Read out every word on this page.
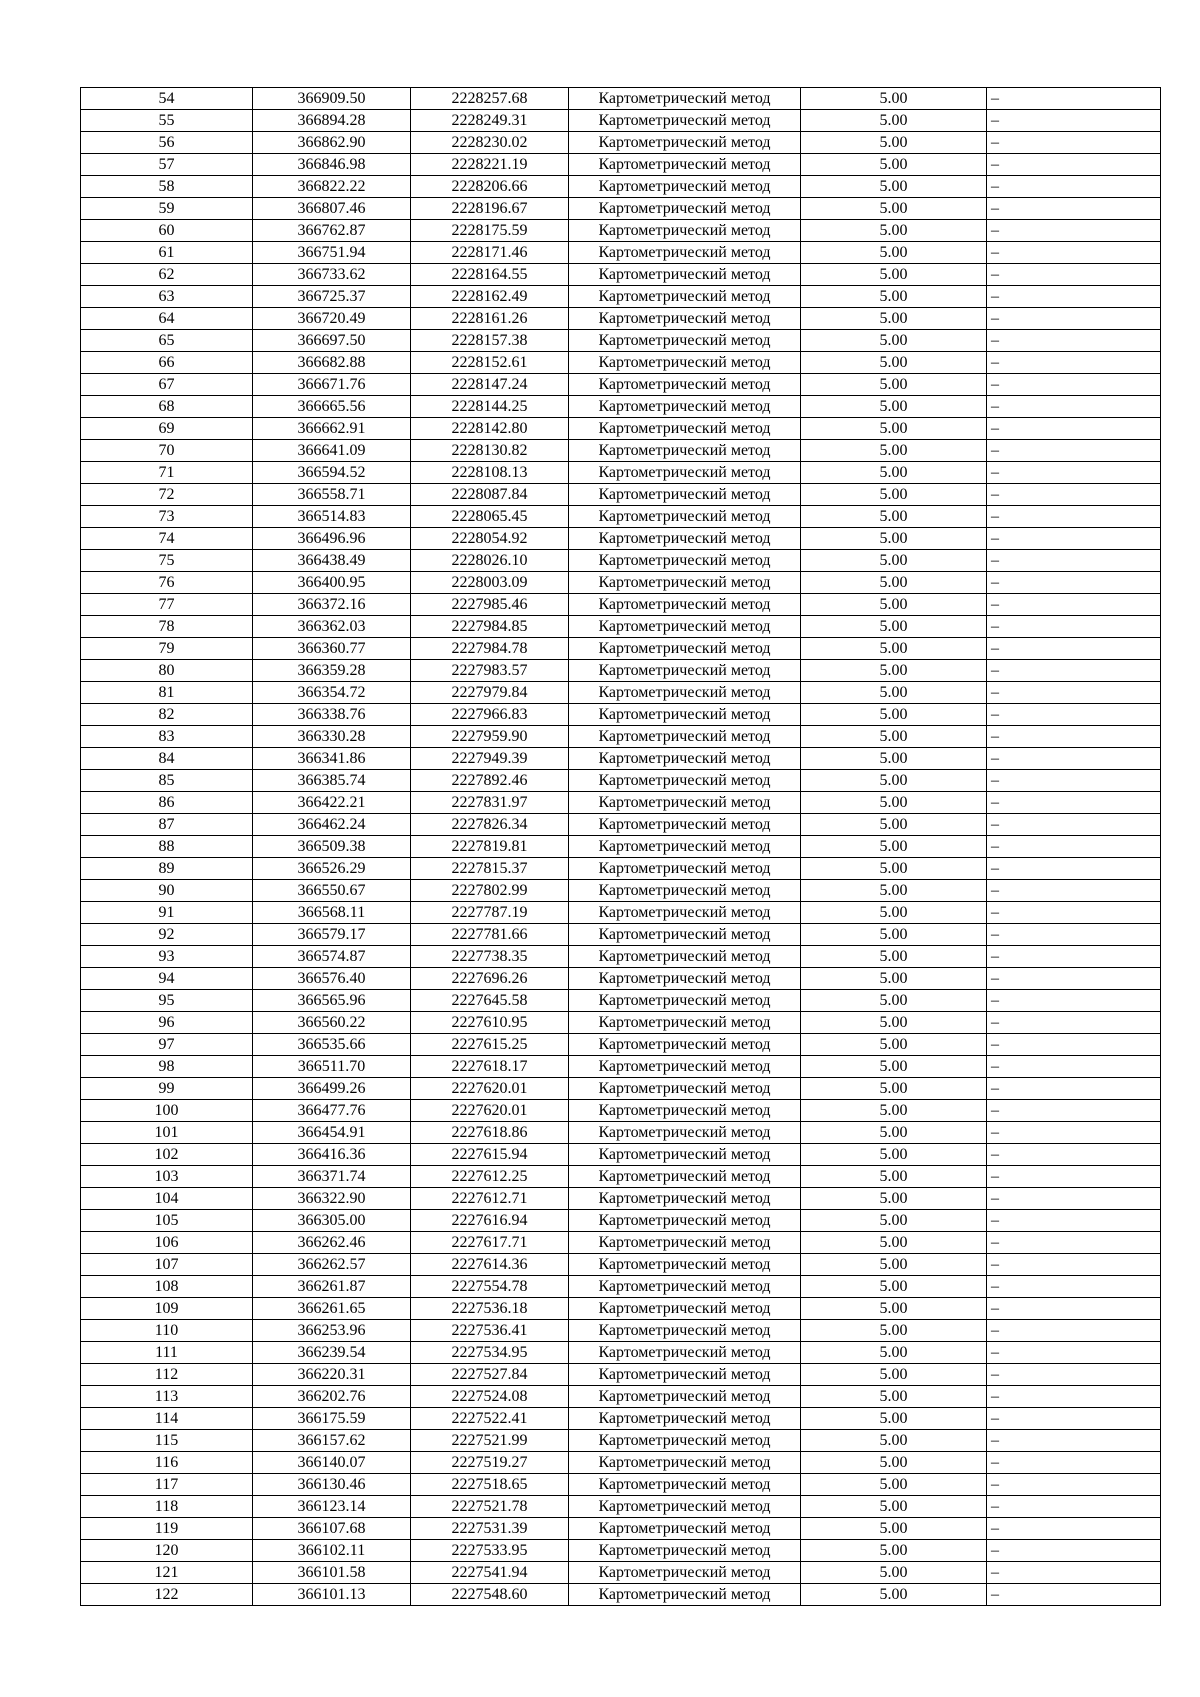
54	366909.50	2228257.68	Картометрический метод	5.00	–
55	366894.28	2228249.31	Картометрический метод	5.00	–
56	366862.90	2228230.02	Картометрический метод	5.00	–
57	366846.98	2228221.19	Картометрический метод	5.00	–
58	366822.22	2228206.66	Картометрический метод	5.00	–
59	366807.46	2228196.67	Картометрический метод	5.00	–
60	366762.87	2228175.59	Картометрический метод	5.00	–
61	366751.94	2228171.46	Картометрический метод	5.00	–
62	366733.62	2228164.55	Картометрический метод	5.00	–
63	366725.37	2228162.49	Картометрический метод	5.00	–
64	366720.49	2228161.26	Картометрический метод	5.00	–
65	366697.50	2228157.38	Картометрический метод	5.00	–
66	366682.88	2228152.61	Картометрический метод	5.00	–
67	366671.76	2228147.24	Картометрический метод	5.00	–
68	366665.56	2228144.25	Картометрический метод	5.00	–
69	366662.91	2228142.80	Картометрический метод	5.00	–
70	366641.09	2228130.82	Картометрический метод	5.00	–
71	366594.52	2228108.13	Картометрический метод	5.00	–
72	366558.71	2228087.84	Картометрический метод	5.00	–
73	366514.83	2228065.45	Картометрический метод	5.00	–
74	366496.96	2228054.92	Картометрический метод	5.00	–
75	366438.49	2228026.10	Картометрический метод	5.00	–
76	366400.95	2228003.09	Картометрический метод	5.00	–
77	366372.16	2227985.46	Картометрический метод	5.00	–
78	366362.03	2227984.85	Картометрический метод	5.00	–
79	366360.77	2227984.78	Картометрический метод	5.00	–
80	366359.28	2227983.57	Картометрический метод	5.00	–
81	366354.72	2227979.84	Картометрический метод	5.00	–
82	366338.76	2227966.83	Картометрический метод	5.00	–
83	366330.28	2227959.90	Картометрический метод	5.00	–
84	366341.86	2227949.39	Картометрический метод	5.00	–
85	366385.74	2227892.46	Картометрический метод	5.00	–
86	366422.21	2227831.97	Картометрический метод	5.00	–
87	366462.24	2227826.34	Картометрический метод	5.00	–
88	366509.38	2227819.81	Картометрический метод	5.00	–
89	366526.29	2227815.37	Картометрический метод	5.00	–
90	366550.67	2227802.99	Картометрический метод	5.00	–
91	366568.11	2227787.19	Картометрический метод	5.00	–
92	366579.17	2227781.66	Картометрический метод	5.00	–
93	366574.87	2227738.35	Картометрический метод	5.00	–
94	366576.40	2227696.26	Картометрический метод	5.00	–
95	366565.96	2227645.58	Картометрический метод	5.00	–
96	366560.22	2227610.95	Картометрический метод	5.00	–
97	366535.66	2227615.25	Картометрический метод	5.00	–
98	366511.70	2227618.17	Картометрический метод	5.00	–
99	366499.26	2227620.01	Картометрический метод	5.00	–
100	366477.76	2227620.01	Картометрический метод	5.00	–
101	366454.91	2227618.86	Картометрический метод	5.00	–
102	366416.36	2227615.94	Картометрический метод	5.00	–
103	366371.74	2227612.25	Картометрический метод	5.00	–
104	366322.90	2227612.71	Картометрический метод	5.00	–
105	366305.00	2227616.94	Картометрический метод	5.00	–
106	366262.46	2227617.71	Картометрический метод	5.00	–
107	366262.57	2227614.36	Картометрический метод	5.00	–
108	366261.87	2227554.78	Картометрический метод	5.00	–
109	366261.65	2227536.18	Картометрический метод	5.00	–
110	366253.96	2227536.41	Картометрический метод	5.00	–
111	366239.54	2227534.95	Картометрический метод	5.00	–
112	366220.31	2227527.84	Картометрический метод	5.00	–
113	366202.76	2227524.08	Картометрический метод	5.00	–
114	366175.59	2227522.41	Картометрический метод	5.00	–
115	366157.62	2227521.99	Картометрический метод	5.00	–
116	366140.07	2227519.27	Картометрический метод	5.00	–
117	366130.46	2227518.65	Картометрический метод	5.00	–
118	366123.14	2227521.78	Картометрический метод	5.00	–
119	366107.68	2227531.39	Картометрический метод	5.00	–
120	366102.11	2227533.95	Картометрический метод	5.00	–
121	366101.58	2227541.94	Картометрический метод	5.00	–
122	366101.13	2227548.60	Картометрический метод	5.00	–
